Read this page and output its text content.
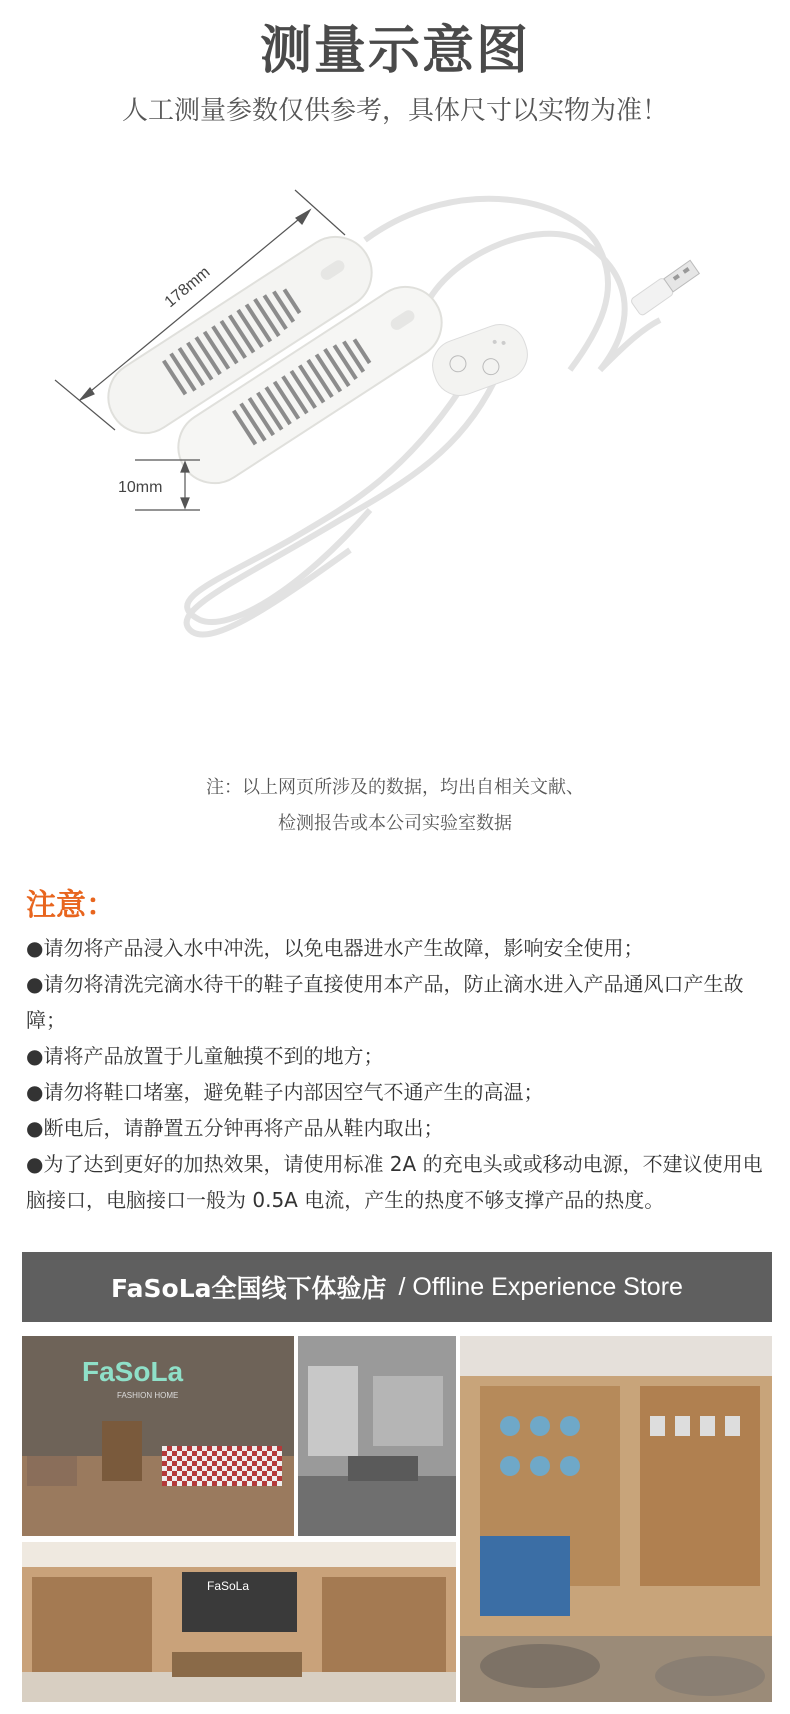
测量示意图
人工测量参数仅供参考，具体尺寸以实物为准！
178mm
10mm
注：以上网页所涉及的数据，均出自相关文献、
检测报告或本公司实验室数据
注意：

●请勿将产品浸入水中冲洗，以免电器进水产生故障，影响安全使用；

●请勿将清洗完滴水待干的鞋子直接使用本产品，防止滴水进入产品通风口产生故障；

●请将产品放置于儿童触摸不到的地方；

●请勿将鞋口堵塞，避免鞋子内部因空气不通产生的高温；

●断电后，请静置五分钟再将产品从鞋内取出；

●为了达到更好的加热效果，请使用标准 2A 的充电头或或移动电源，不建议使用电脑接口，电脑接口一般为 0.5A 电流，产生的热度不够支撑产品的热度。

FaSoLa全国线下体验店 / Offline Experience Store
FaSoLa
FASHION HOME
FaSoLa
